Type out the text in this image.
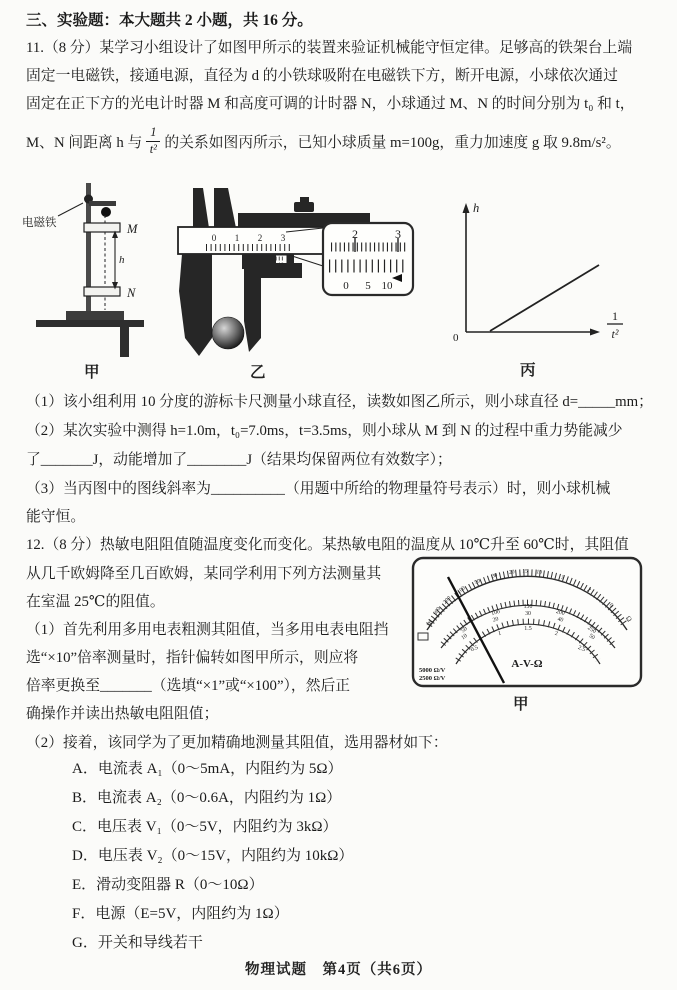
三、实验题：本大题共 2 小题，共 16 分。
11.（8 分）某学习小组设计了如图甲所示的装置来验证机械能守恒定律。足够高的铁架台上端
固定一电磁铁，接通电源，直径为 d 的小铁球吸附在电磁铁下方，断开电源，小球依次通过
固定在正下方的光电计时器 M 和高度可调的计时器 N，小球通过 M、N 的时间分别为 t₀ 和 t，
M、N 间距离 h 与 $\frac{1}{\text{t²}}$ 的关系如图丙所示，已知小球质量 m=100g，重力加速度 g 取 9.8m/s²。
电磁铁	M
N
h
甲
0 1 2 3	2	3
0 5 10
乙
h
0
1
t²
丙
（1）该小组利用 10 分度的游标卡尺测量小球直径，读数如图乙所示，则小球直径 d=_____mm；
（2）某次实验中测得 h=1.0m，t₀=7.0ms，t=3.5ms，则小球从 M 到 N 的过程中重力势能减少
了_______J，动能增加了________J（结果均保留两位有效数字）；
（3）当丙图中的图线斜率为__________（用题中所给的物理量符号表示）时，则小球机械
能守恒。
12.（8 分）热敏电阻阻值随温度变化而变化。某热敏电阻的温度从 10℃升至 60℃时，其阻值
从几千欧姆降至几百欧姆，某同学利用下列方法测量其
在室温 25℃的阻值。
（1）首先利用多用电表粗测其阻值，当多用电表电阻挡
选“×10”倍率测量时，指针偏转如图甲所示，则应将
倍率更换至_______（选填“×1”或“×100”），然后正
确操作并读出热敏电阻阻值；
1K
500
200
100
50
30 20 15 10
5
2
0
Ω
50
10
100
20
150
30	200
40
250
50
0.5
1
1.5
2
2.5
A-V-Ω
5000 Ω/V
2500 Ω/V
甲
（2）接着，该同学为了更加精确地测量其阻值，选用器材如下：
A．电流表 A₁（0～5mA，内阻约为 5Ω）
B．电流表 A₂（0～0.6A，内阻约为 1Ω）
C．电压表 V₁（0～5V，内阻约为 3kΩ）
D．电压表 V₂（0～15V，内阻约为 10kΩ）
E．滑动变阻器 R（0～10Ω）
F．电源（E=5V，内阻约为 1Ω）
G．开关和导线若干
物理试题　第4页（共6页）
